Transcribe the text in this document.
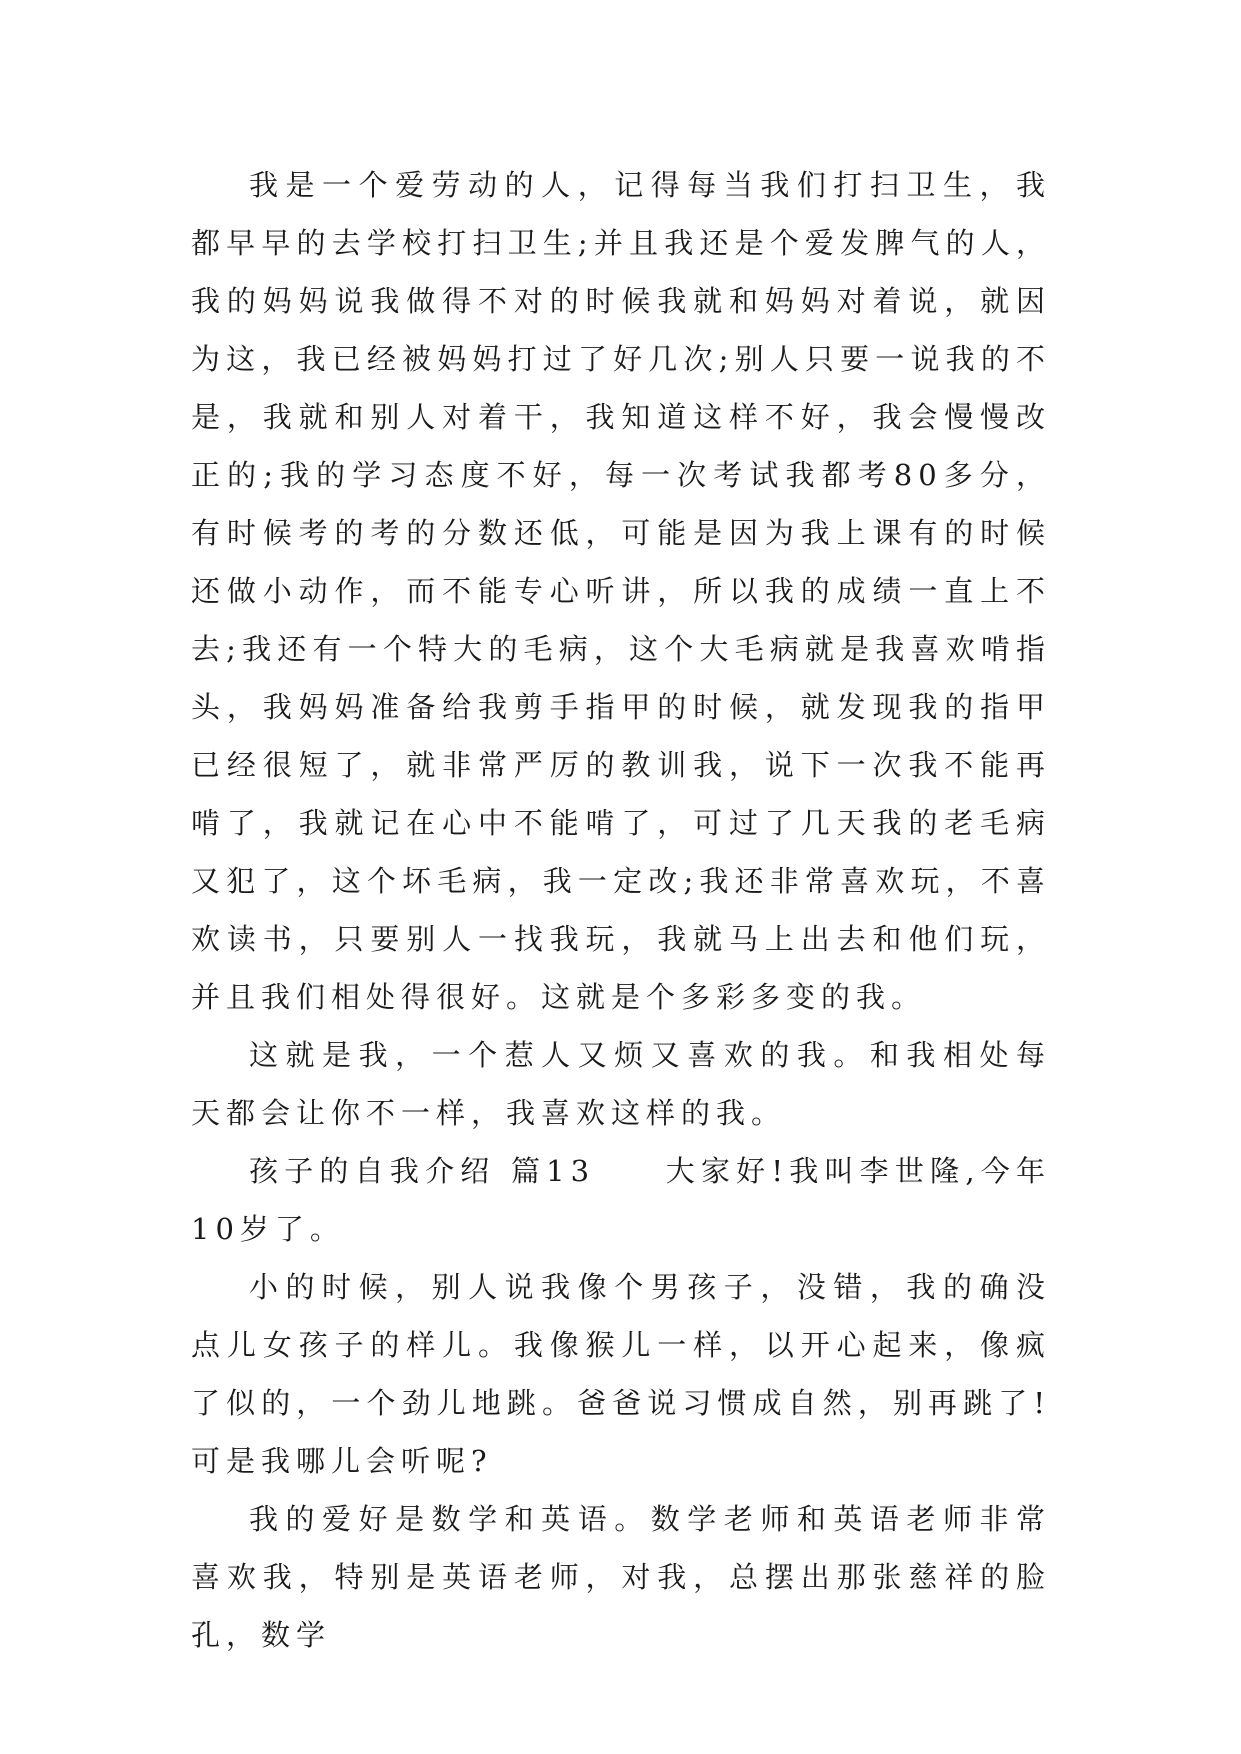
我是一个爱劳动的人，记得每当我们打扫卫生，我都早早的去学校打扫卫生;并且我还是个爱发脾气的人，我的妈妈说我做得不对的时候我就和妈妈对着说，就因为这，我已经被妈妈打过了好几次;别人只要一说我的不是，我就和别人对着干，我知道这样不好，我会慢慢改正的;我的学习态度不好，每一次考试我都考80多分，有时候考的考的分数还低，可能是因为我上课有的时候还做小动作，而不能专心听讲，所以我的成绩一直上不去;我还有一个特大的毛病，这个大毛病就是我喜欢啃指头，我妈妈准备给我剪手指甲的时候，就发现我的指甲已经很短了，就非常严厉的教训我，说下一次我不能再啃了，我就记在心中不能啃了，可过了几天我的老毛病又犯了，这个坏毛病，我一定改;我还非常喜欢玩，不喜欢读书，只要别人一找我玩，我就马上出去和他们玩，并且我们相处得很好。这就是个多彩多变的我。

这就是我，一个惹人又烦又喜欢的我。和我相处每天都会让你不一样，我喜欢这样的我。

孩子的自我介绍 篇13　　大家好!我叫李世隆,今年10岁了。

小的时候，别人说我像个男孩子，没错，我的确没点儿女孩子的样儿。我像猴儿一样，以开心起来，像疯了似的，一个劲儿地跳。爸爸说习惯成自然，别再跳了!可是我哪儿会听呢?

我的爱好是数学和英语。数学老师和英语老师非常喜欢我，特别是英语老师，对我，总摆出那张慈祥的脸孔，数学
